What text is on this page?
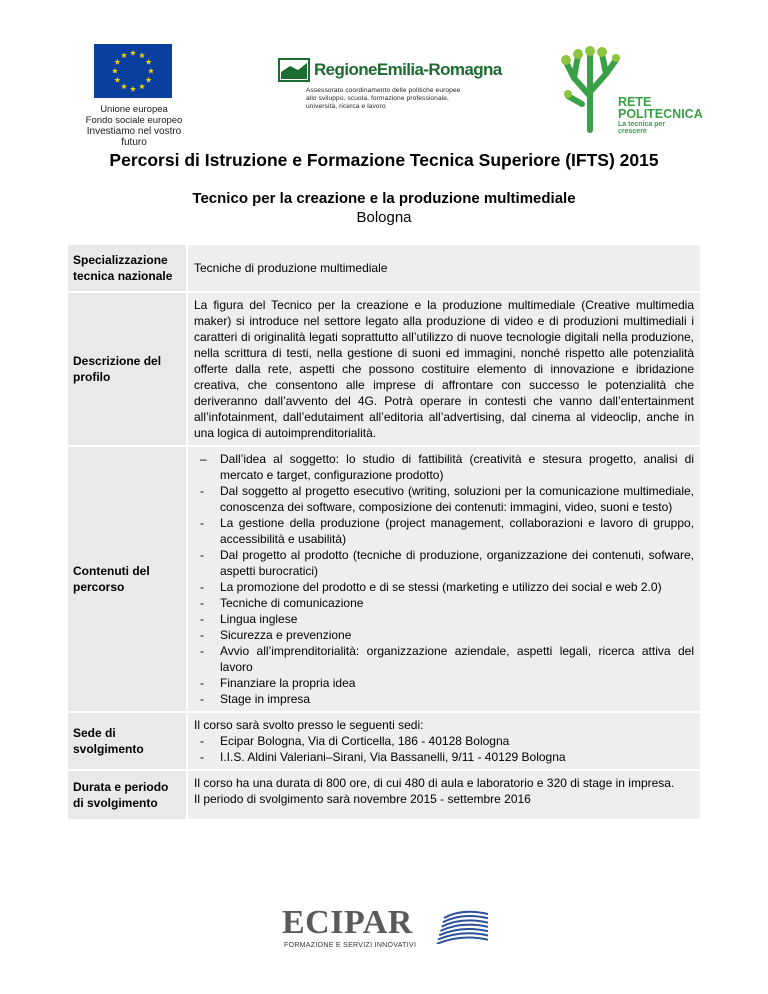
Unione europea
Fondo sociale europeo
Investiamo nel vostro futuro
RegioneEmilia-Romagna
Assessorato coordinamento delle politiche europee
allo sviluppo, scuola, formazione professionale,
università, ricerca e lavoro	RETE
POLITECNICA
La tecnica per crescere
Percorsi di Istruzione e Formazione Tecnica Superiore (IFTS) 2015
Tecnico per la creazione e la produzione multimediale
Bologna
Specializzazione tecnica nazionale
Tecniche di produzione multimediale
Descrizione del profilo
La figura del Tecnico per la creazione e la produzione multimediale (Creative multimedia maker) si introduce nel settore legato alla produzione di video e di produzioni multimediali i caratteri di originalità legati soprattutto all’utilizzo di nuove tecnologie digitali nella produzione, nella scrittura di testi, nella gestione di suoni ed immagini, nonché rispetto alle potenzialità offerte dalla rete, aspetti che possono costituire elemento di innovazione e ibridazione creativa, che consentono alle imprese di affrontare con successo le potenzialità che deriveranno dall’avvento del 4G. Potrà operare in contesti che vanno dall’entertainment all’infotainment, dall’edutaiment all’editoria all’advertising, dal cinema al videoclip, anche in una logica di autoimprenditorialità.
Contenuti del percorso
– Dall’idea al soggetto: lo studio di fattibilità (creatività e stesura progetto, analisi di mercato e target, configurazione prodotto)
- Dal soggetto al progetto esecutivo (writing, soluzioni per la comunicazione multimediale, conoscenza dei software, composizione dei contenuti: immagini, video, suoni e testo)
- La gestione della produzione (project management, collaborazioni e lavoro di gruppo, accessibilità e usabilità)
- Dal progetto al prodotto (tecniche di produzione, organizzazione dei contenuti, sofware, aspetti burocratici)
- La promozione del prodotto e di se stessi (marketing e utilizzo dei social e web 2.0)
- Tecniche di comunicazione
- Lingua inglese
- Sicurezza e prevenzione
- Avvio all’imprenditorialità: organizzazione aziendale, aspetti legali, ricerca attiva del lavoro
- Finanziare la propria idea
- Stage in impresa
Sede di svolgimento

Il corso sarà svolto presso le seguenti sedi:

- Ecipar Bologna, Via di Corticella, 186 - 40128 Bologna
- I.I.S. Aldini Valeriani–Sirani, Via Bassanelli, 9/11 - 40129 Bologna
Durata e periodo di svolgimento

Il corso ha una durata di 800 ore, di cui 480 di aula e laboratorio e 320 di stage in impresa.

Il periodo di svolgimento sarà novembre 2015 - settembre 2016

ECIPAR
FORMAZIONE E SERVIZI INNOVATIVI
